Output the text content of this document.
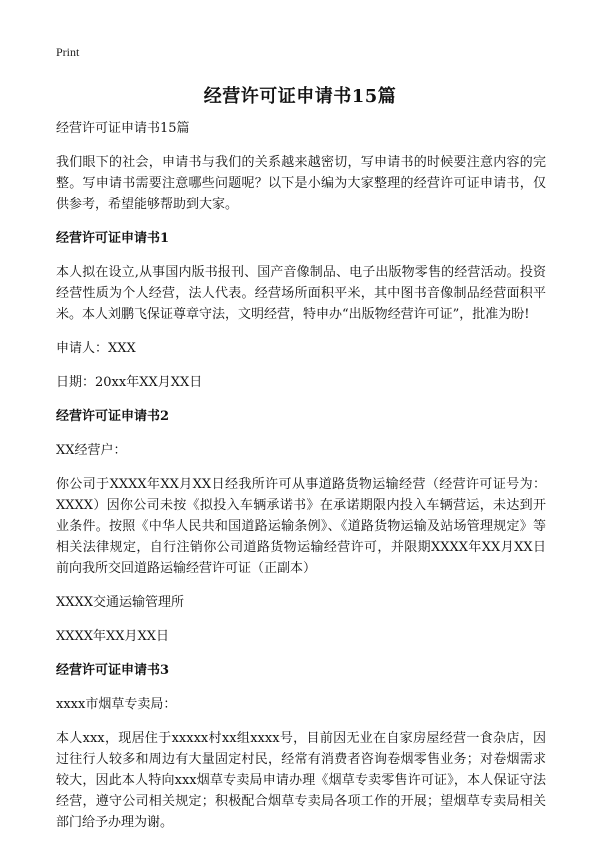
Print
经营许可证申请书15篇

经营许可证申请书15篇

我们眼下的社会，申请书与我们的关系越来越密切，写申请书的时候要注意内容的完整。写申请书需要注意哪些问题呢？以下是小编为大家整理的经营许可证申请书，仅供参考，希望能够帮助到大家。

经营许可证申请书1

本人拟在设立,从事国内版书报刊、国产音像制品、电子出版物零售的经营活动。投资经营性质为个人经营，法人代表。经营场所面积平米，其中图书音像制品经营面积平米。本人刘鹏飞保证尊章守法，文明经营，特申办“出版物经营许可证”，批准为盼!

申请人：XXX

日期：20xx年XX月XX日

经营许可证申请书2

XX经营户：

你公司于XXXX年XX月XX日经我所许可从事道路货物运输经营（经营许可证号为：XXXX）因你公司未按《拟投入车辆承诺书》在承诺期限内投入车辆营运，未达到开业条件。按照《中华人民共和国道路运输条例》、《道路货物运输及站场管理规定》等相关法律规定，自行注销你公司道路货物运输经营许可，并限期XXXX年XX月XX日前向我所交回道路运输经营许可证（正副本）

XXXX交通运输管理所

XXXX年XX月XX日

经营许可证申请书3

xxxx市烟草专卖局：

本人xxx，现居住于xxxxx村xx组xxxx号，目前因无业在自家房屋经营一食杂店，因过往行人较多和周边有大量固定村民，经常有消费者咨询卷烟零售业务；对卷烟需求较大，因此本人特向xxx烟草专卖局申请办理《烟草专卖零售许可证》，本人保证守法经营，遵守公司相关规定；积极配合烟草专卖局各项工作的开展；望烟草专卖局相关部门给予办理为谢。
